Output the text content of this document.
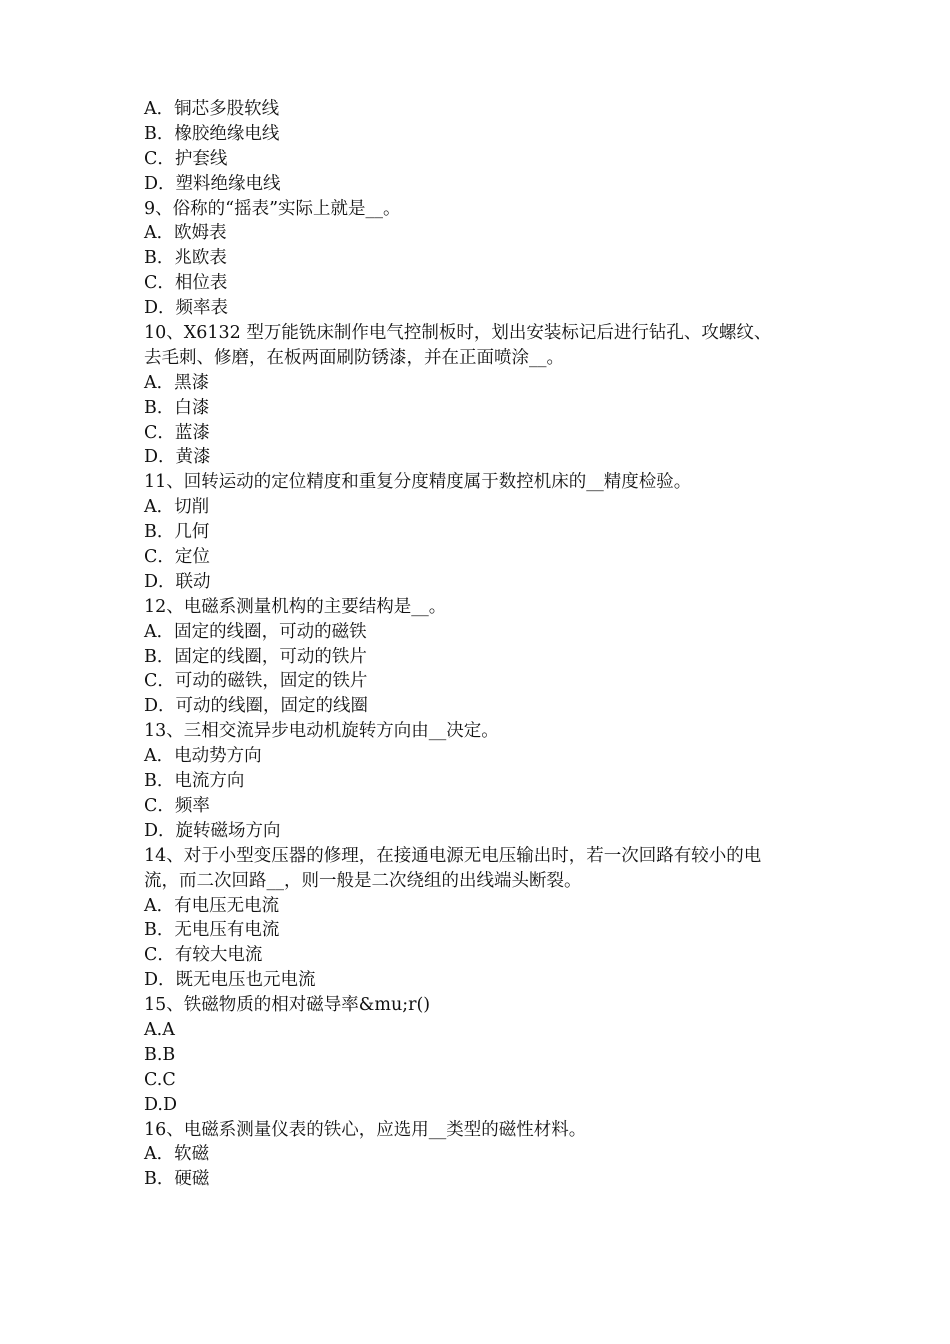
A．铜芯多股软线
B．橡胶绝缘电线
C．护套线
D．塑料绝缘电线
9、俗称的“摇表”实际上就是__。
A．欧姆表
B．兆欧表
C．相位表
D．频率表
10、X6132 型万能铣床制作电气控制板时，划出安装标记后进行钻孔、攻螺纹、
去毛刺、修磨，在板两面刷防锈漆，并在正面喷涂__。
A．黑漆
B．白漆
C．蓝漆
D．黄漆
11、回转运动的定位精度和重复分度精度属于数控机床的__精度检验。
A．切削
B．几何
C．定位
D．联动
12、电磁系测量机构的主要结构是__。
A．固定的线圈，可动的磁铁
B．固定的线圈，可动的铁片
C．可动的磁铁，固定的铁片
D．可动的线圈，固定的线圈
13、三相交流异步电动机旋转方向由__决定。
A．电动势方向
B．电流方向
C．频率
D．旋转磁场方向
14、对于小型变压器的修理，在接通电源无电压输出时，若一次回路有较小的电
流，而二次回路__，则一般是二次绕组的出线端头断裂。
A．有电压无电流
B．无电压有电流
C．有较大电流
D．既无电压也元电流
15、铁磁物质的相对磁导率&mu;r()
A.A
B.B
C.C
D.D
16、电磁系测量仪表的铁心，应选用__类型的磁性材料。
A．软磁
B．硬磁
